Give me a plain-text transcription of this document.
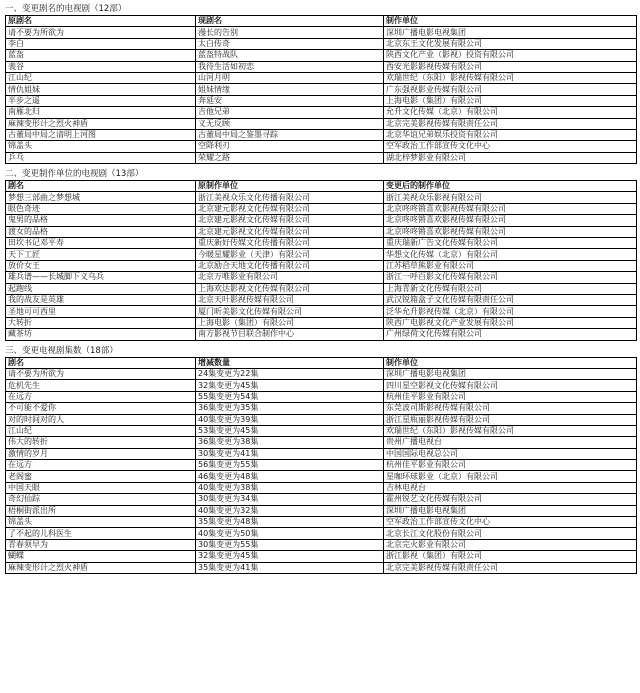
一、变更剧名的电视剧（12部）
原剧名	现剧名	制作单位
请不要为所欲为	漫长的告别	深圳广播电影电视集团
李白	太白传奇	北京东王文化发展有限公司
蓝盔	蓝盔特战队	陕西文化产业（影视）投资有限公司
裴谷	我待生活如初恋	西安光影影视传媒有限公司
江山纪	山河月明	欢瑞世纪（东阳）影视传媒有限公司
情仇姐妹	姐妹情缘	广东强视影业传媒有限公司
半步之遥	奔延安	上海电影（集团）有限公司
南雁北归	吉他兄弟	允升文化传媒（北京）有限公司
麻辣变形计之烈火神盾	义无反顾	北京完美影视传媒有限责任公司
古董局中局之清明上河图	古董局中局之鉴墨寻踪	北京华谊兄弟娱乐投资有限公司
锦盖头	空降利刃	空军政治工作部宣传文化中心
乒乓	荣耀之路	湖北梓梦影业有限公司
二、变更制作单位的电视剧（13部）
剧名	原制作单位	变更后的制作单位
梦想三部曲之梦想城	浙江美视众乐文化传播有限公司	浙江美视众乐影视有限公司
眼色奇迹	北京建元影视文化传媒有限公司	北京咚咚锵喜欢影视传媒有限公司
鬼男的品格	北京建元影视文化传媒有限公司	北京咚咚锵喜欢影视传媒有限公司
渡女的品格	北京建元影视文化传媒有限公司	北京咚咚锵喜欢影视传媒有限公司
田坎书记邓平寿	重庆新好传媒文化传播有限公司	重庆瑞新广告文化传媒有限公司
天下工匠	今暖星耀影业（天津）有限公司	华想文化传媒（北京）有限公司
放价女王	北京励合天地文化传播有限公司	江苏稻草熊影业有限公司
雄兵谱——长城脚下义乌兵	北京万唯影业有限公司	浙江一呼百影文化传媒有限公司
起跑线	上海欢达影视文化传媒有限公司	上海青新文化传媒有限公司
我的战友是英雄	北京天叶影视传媒有限公司	武汉锐箱盒子文化传媒有限责任公司
圣地可可西里	厦门昕美影文化传媒有限公司	泛华允升影视传媒（北京）有限公司
大转折	上海电影（集团）有限公司	陕西广电影视文化产业发展有限公司
藏茶坊	南方影视节目联合制作中心	广州绿荷文化传媒有限公司
三、变更电视剧集数（18部）
剧名	增减数量	制作单位
请不要为所欲为	24集变更为22集	深圳广播电影电视集团
危机先生	32集变更为45集	四川星空影视文化传媒有限公司
在远方	55集变更为54集	杭州佳平影业有限公司
不可能不爱你	36集变更为35集	东莞波司斯影视传媒有限公司
对的时间对的人	40集变更为39集	浙江星瓶丽影视传媒有限公司
江山纪	53集变更为45集	欢瑞世纪（东阳）影视传媒有限公司
伟大的转折	36集变更为38集	贵州广播电视台
激情的岁月	30集变更为41集	中国国际电视总公司
在远方	56集变更为55集	杭州佳平影业有限公司
老阁蜜	46集变更为48集	星咖环球影业（北京）有限公司
中国天眼	40集变更为38集	吉林电视台
奇幻仙踪	30集变更为34集	霍州锐艺文化传媒有限公司
梧桐街派出所	40集变更为32集	深圳广播电影电视集团
锦盖头	35集变更为48集	空军政治工作部宣传文化中心
了不起的儿科医生	40集变更为50集	北京长江文化股份有限公司
青春须早为	30集变更为55集	北京完火影业有限公司
蝴蝶	32集变更为45集	浙江影视（集团）有限公司
麻辣变形计之烈火神盾	35集变更为41集	北京完美影视传媒有限责任公司
